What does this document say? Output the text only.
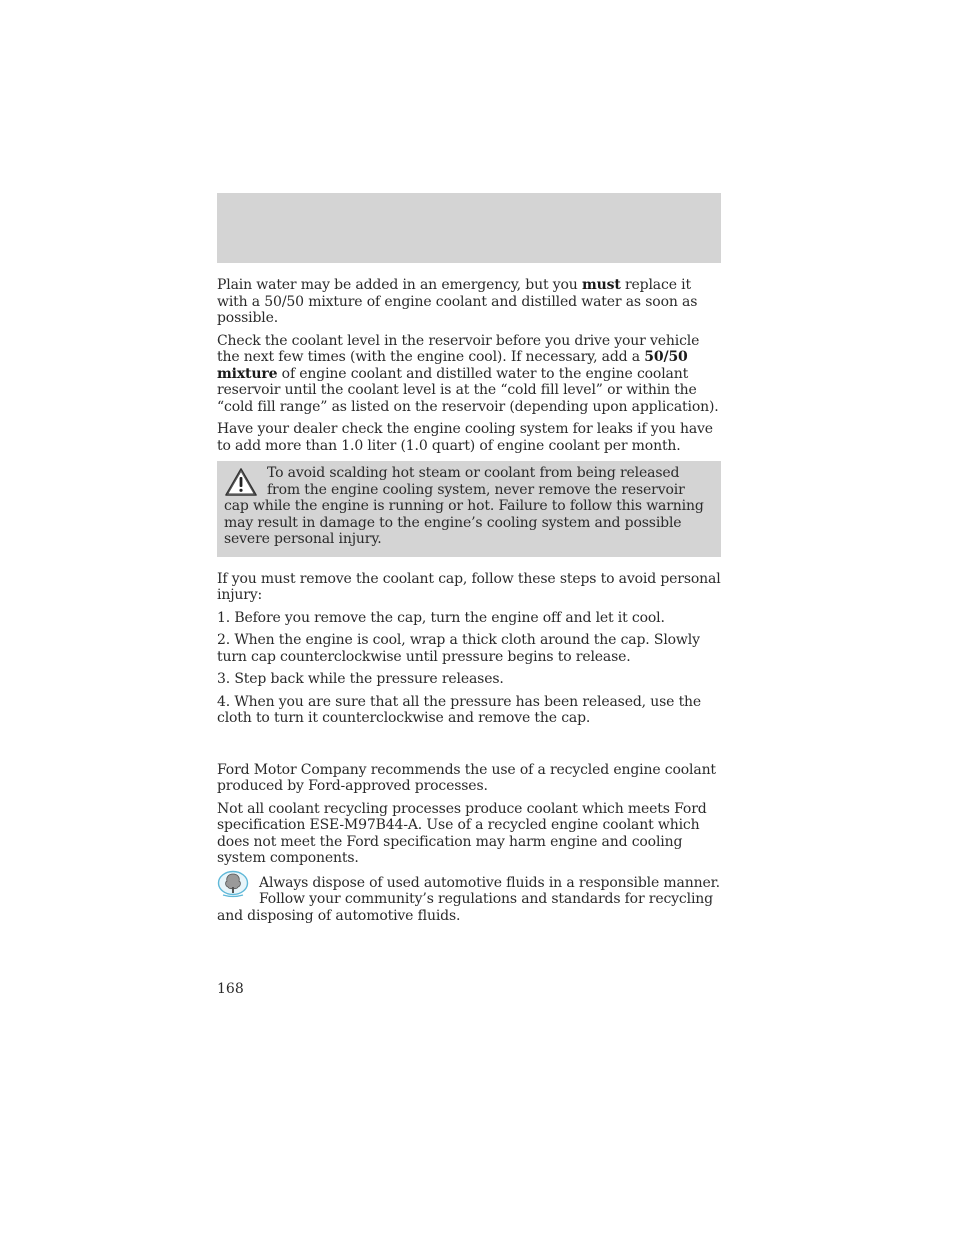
Plain water may be added in an emergency, but you must replace it with a 50/50 mixture of engine coolant and distilled water as soon as possible.

Check the coolant level in the reservoir before you drive your vehicle the next few times (with the engine cool). If necessary, add a 50/50 mixture of engine coolant and distilled water to the engine coolant reservoir until the coolant level is at the “cold fill level” or within the “cold fill range” as listed on the reservoir (depending upon application).

Have your dealer check the engine cooling system for leaks if you have to add more than 1.0 liter (1.0 quart) of engine coolant per month.

To avoid scalding hot steam or coolant from being released from the engine cooling system, never remove the reservoir cap while the engine is running or hot. Failure to follow this warning may result in damage to the engine’s cooling system and possible severe personal injury.

If you must remove the coolant cap, follow these steps to avoid personal injury:

1. Before you remove the cap, turn the engine off and let it cool.

2. When the engine is cool, wrap a thick cloth around the cap. Slowly turn cap counterclockwise until pressure begins to release.

3. Step back while the pressure releases.

4. When you are sure that all the pressure has been released, use the cloth to turn it counterclockwise and remove the cap.

Ford Motor Company recommends the use of a recycled engine coolant produced by Ford-approved processes.

Not all coolant recycling processes produce coolant which meets Ford specification ESE-M97B44-A. Use of a recycled engine coolant which does not meet the Ford specification may harm engine and cooling system components.

Always dispose of used automotive fluids in a responsible manner. Follow your community’s regulations and standards for recycling and disposing of automotive fluids.
168
